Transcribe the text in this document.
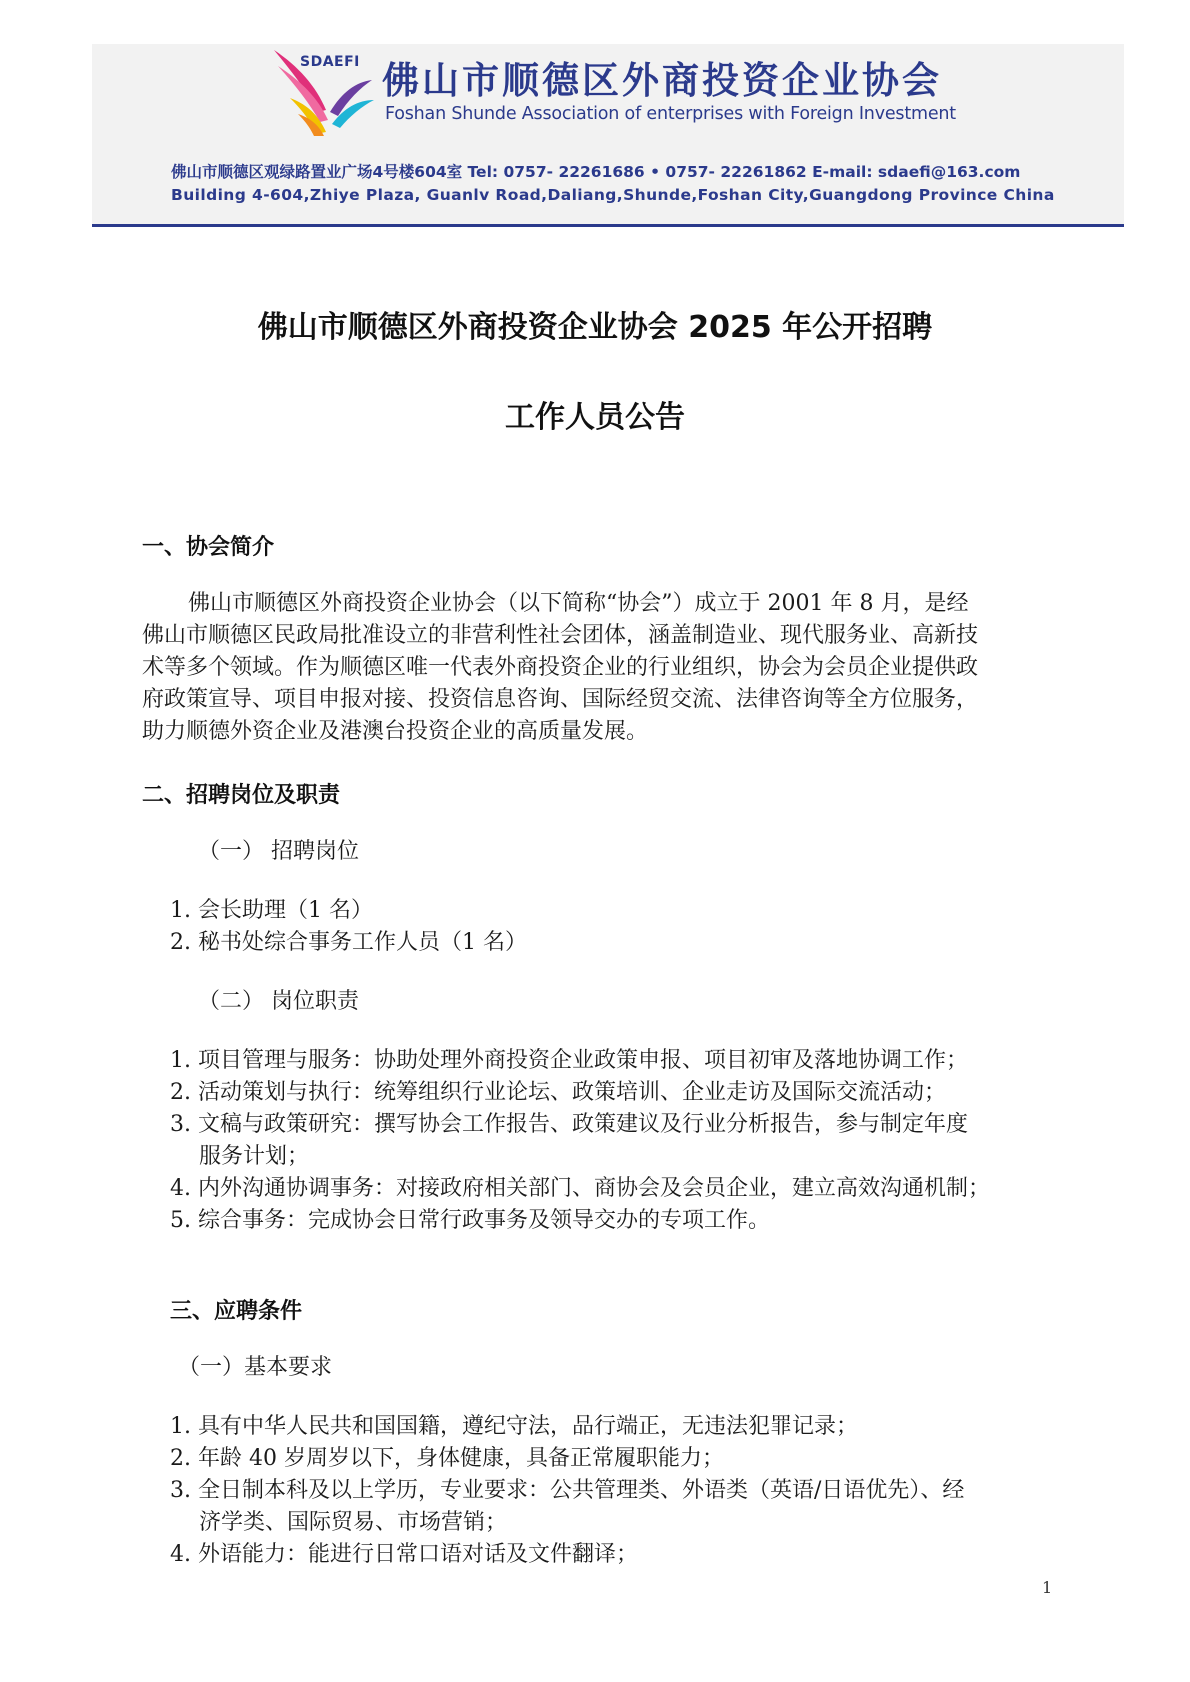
SDAEFI 佛山市顺德区外商投资企业协会
Foshan Shunde Association of enterprises with Foreign Investment
佛山市顺德区观绿路置业广场4号楼604室 Tel: 0757- 22261686 • 0757- 22261862 E-mail: sdaefi@163.com
Building 4-604,Zhiye Plaza, Guanlv Road,Daliang,Shunde,Foshan City,Guangdong Province China
佛山市顺德区外商投资企业协会 2025 年公开招聘
工作人员公告
一、协会简介
佛山市顺德区外商投资企业协会（以下简称“协会”）成立于 2001 年 8 月，是经
佛山市顺德区民政局批准设立的非营利性社会团体，涵盖制造业、现代服务业、高新技
术等多个领域。作为顺德区唯一代表外商投资企业的行业组织，协会为会员企业提供政
府政策宣导、项目申报对接、投资信息咨询、国际经贸交流、法律咨询等全方位服务，
助力顺德外资企业及港澳台投资企业的高质量发展。
二、招聘岗位及职责
（一） 招聘岗位
1. 会长助理（1 名）
2. 秘书处综合事务工作人员（1 名）
（二） 岗位职责
1. 项目管理与服务：协助处理外商投资企业政策申报、项目初审及落地协调工作；
2. 活动策划与执行：统筹组织行业论坛、政策培训、企业走访及国际交流活动；
3. 文稿与政策研究：撰写协会工作报告、政策建议及行业分析报告，参与制定年度
服务计划；
4. 内外沟通协调事务：对接政府相关部门、商协会及会员企业，建立高效沟通机制；
5. 综合事务：完成协会日常行政事务及领导交办的专项工作。
三、应聘条件
（一）基本要求
1. 具有中华人民共和国国籍，遵纪守法，品行端正，无违法犯罪记录；
2. 年龄 40 岁周岁以下，身体健康，具备正常履职能力；
3. 全日制本科及以上学历，专业要求：公共管理类、外语类（英语/日语优先）、经
济学类、国际贸易、市场营销；
4. 外语能力：能进行日常口语对话及文件翻译；
1
